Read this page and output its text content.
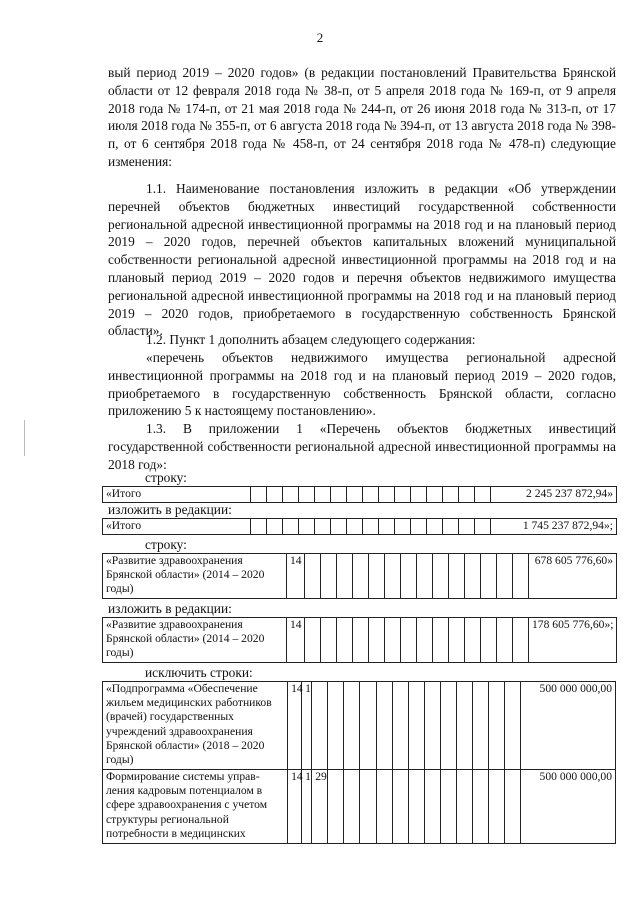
2

вый период 2019 – 2020 годов» (в редакции постановлений Правительства Брянской области от 12 февраля 2018 года № 38-п, от 5 апреля 2018 года № 169-п, от 9 апреля 2018 года № 174-п, от 21 мая 2018 года № 244-п, от 26 июня 2018 года № 313-п, от 17 июля 2018 года № 355-п, от 6 августа 2018 года № 394-п, от 13 августа 2018 года № 398-п, от 6 сентября 2018 года № 458-п, от 24 сентября 2018 года № 478-п) следующие изменения:

1.1. Наименование постановления изложить в редакции «Об утверждении перечней объектов бюджетных инвестиций государственной собственности региональной адресной инвестиционной программы на 2018 год и на плановый период 2019 – 2020 годов, перечней объектов капитальных вложений муниципальной собственности региональной адресной инвестиционной программы на 2018 год и на плановый период 2019 – 2020 годов и перечня объектов недвижимого имущества региональной адресной инвестиционной программы на 2018 год и на плановый период 2019 – 2020 годов, приобретаемого в государственную собственность Брянской области».

1.2. Пункт 1 дополнить абзацем следующего содержания:

«перечень объектов недвижимого имущества региональной адресной инвестиционной программы на 2018 год и на плановый период 2019 – 2020 годов, приобретаемого в государственную собственность Брянской области, согласно приложению 5 к настоящему постановлению».

1.3. В приложении 1 «Перечень объектов бюджетных инвестиций государственной собственности региональной адресной инвестиционной программы на 2018 год»:

строку:
«Итого																2 245 237 872,94»
изложить в редакции:
«Итого																1 745 237 872,94»;
строку:
«Развитие здравоохранения Брянской области» (2014 – 2020 годы)	14															678 605 776,60»
изложить в редакции:
«Развитие здравоохранения Брянской области» (2014 – 2020 годы)	14															178 605 776,60»;
исключить строки:
«Подпрограмма «Обеспечение жильем медицинских работников (врачей) государственных учреждений здравоохранения Брянской области» (2018 – 2020 годы)	14	1														500 000 000,00
Формирование системы управления кадровым потенциалом в сфере здравоохранения с учетом структуры региональной потребности в медицинских	14	1	29													500 000 000,00
